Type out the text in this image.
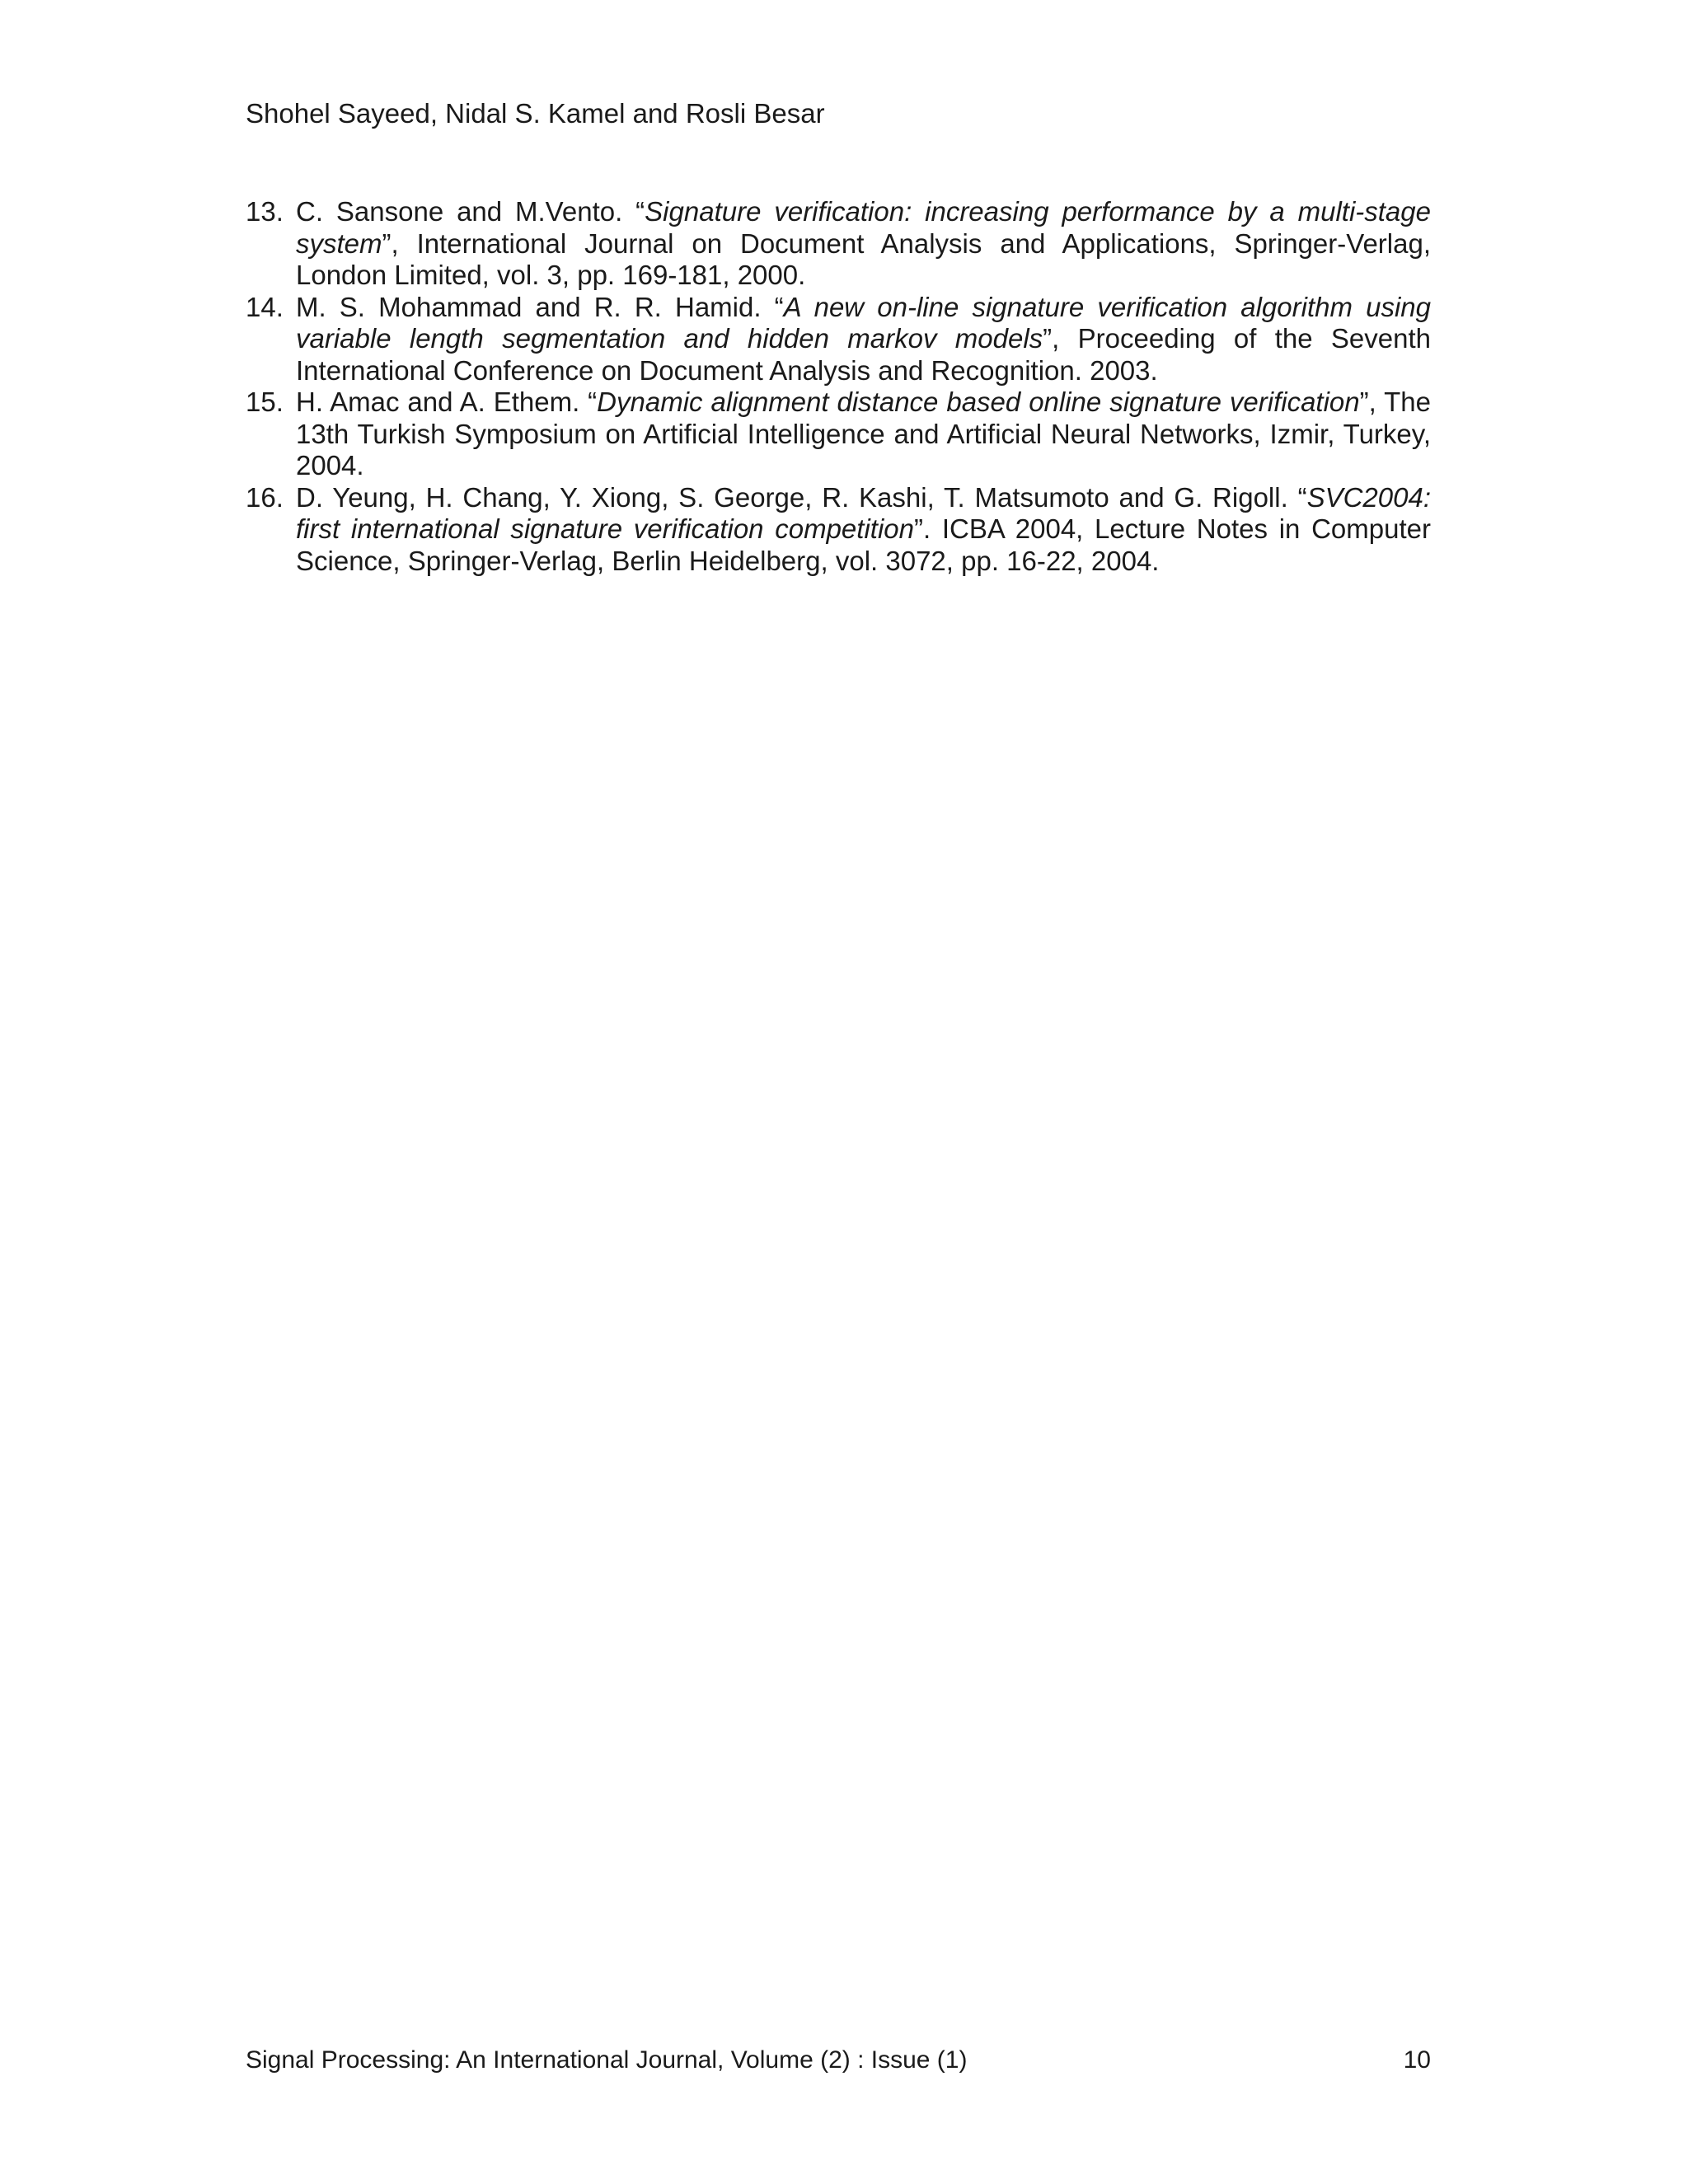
Shohel Sayeed, Nidal S. Kamel and Rosli Besar
13. C. Sansone and M.Vento. “Signature verification: increasing performance by a multi-stage system”, International Journal on Document Analysis and Applications, Springer-Verlag, London Limited, vol. 3, pp. 169-181, 2000.
14. M. S. Mohammad and R. R. Hamid. “A new on-line signature verification algorithm using variable length segmentation and hidden markov models”, Proceeding of the Seventh International Conference on Document Analysis and Recognition. 2003.
15. H. Amac and A. Ethem. “Dynamic alignment distance based online signature verification”, The 13th Turkish Symposium on Artificial Intelligence and Artificial Neural Networks, Izmir, Turkey, 2004.
16. D. Yeung, H. Chang, Y. Xiong, S. George, R. Kashi, T. Matsumoto and G. Rigoll. “SVC2004: first international signature verification competition”. ICBA 2004, Lecture Notes in Computer Science, Springer-Verlag, Berlin Heidelberg, vol. 3072, pp. 16-22, 2004.
Signal Processing: An International Journal, Volume (2) : Issue (1)	10
